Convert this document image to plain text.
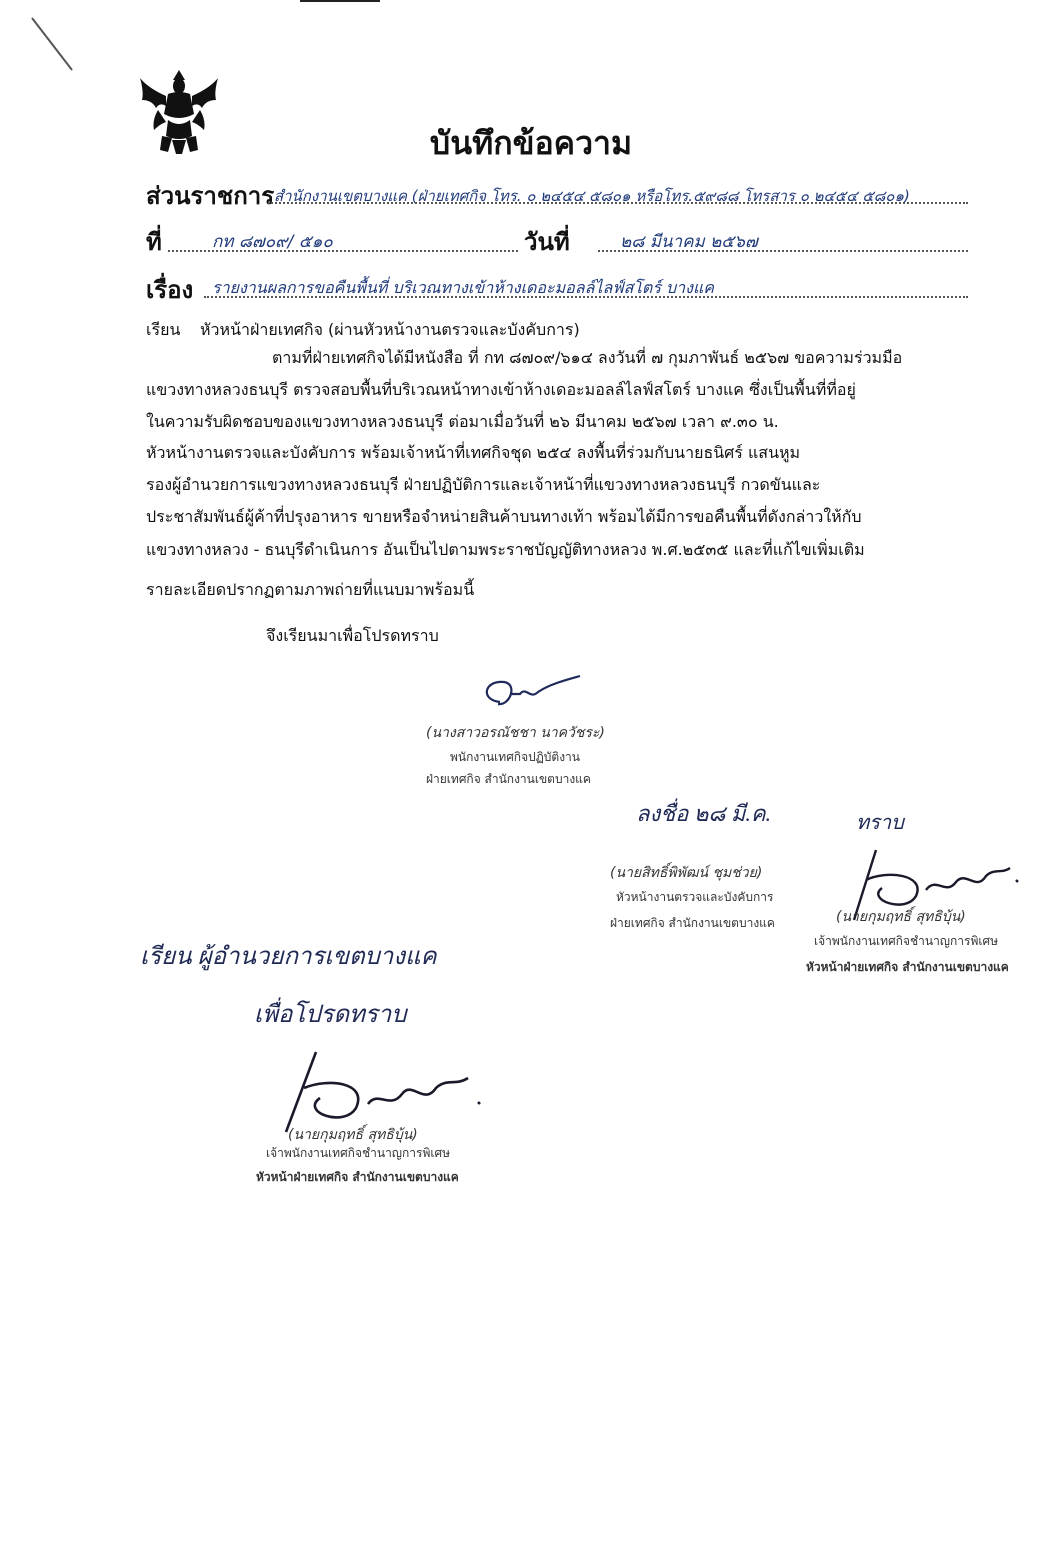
บันทึกข้อความ
ส่วนราชการ สำนักงานเขตบางแค (ฝ่ายเทศกิจ โทร. ๐ ๒๔๕๔ ๕๘๐๑ หรือโทร.๕๙๘๘ โทรสาร ๐ ๒๔๕๔ ๕๘๐๑)
ที่	กท ๘๗๐๙/ ๕๑๐	วันที่	๒๘ มีนาคม ๒๕๖๗
เรื่อง รายงานผลการขอคืนพื้นที่ บริเวณทางเข้าห้างเดอะมอลล์ไลฟ์สโตร์ บางแค
เรียน หัวหน้าฝ่ายเทศกิจ (ผ่านหัวหน้างานตรวจและบังคับการ)
ตามที่ฝ่ายเทศกิจได้มีหนังสือ ที่ กท ๘๗๐๙/๖๑๔ ลงวันที่ ๗ กุมภาพันธ์ ๒๕๖๗ ขอความร่วมมือ
แขวงทางหลวงธนบุรี ตรวจสอบพื้นที่บริเวณหน้าทางเข้าห้างเดอะมอลล์ไลฟ์สโตร์ บางแค ซึ่งเป็นพื้นที่ที่อยู่
ในความรับผิดชอบของแขวงทางหลวงธนบุรี ต่อมาเมื่อวันที่ ๒๖ มีนาคม ๒๕๖๗ เวลา ๙.๓๐ น.
หัวหน้างานตรวจและบังคับการ พร้อมเจ้าหน้าที่เทศกิจชุด ๒๕๔ ลงพื้นที่ร่วมกับนายธนิศร์ แสนหูม
รองผู้อำนวยการแขวงทางหลวงธนบุรี ฝ่ายปฏิบัติการและเจ้าหน้าที่แขวงทางหลวงธนบุรี กวดขันและ
ประชาสัมพันธ์ผู้ค้าที่ปรุงอาหาร ขายหรือจำหน่ายสินค้าบนทางเท้า พร้อมได้มีการขอคืนพื้นที่ดังกล่าวให้กับ
แขวงทางหลวง - ธนบุรีดำเนินการ อันเป็นไปตามพระราชบัญญัติทางหลวง พ.ศ.๒๕๓๕ และที่แก้ไขเพิ่มเติม
รายละเอียดปรากฏตามภาพถ่ายที่แนบมาพร้อมนี้
จึงเรียนมาเพื่อโปรดทราบ
(นางสาวอรณัชชา นาควัชระ)
พนักงานเทศกิจปฏิบัติงาน
ฝ่ายเทศกิจ สำนักงานเขตบางแค
ลงชื่อ ๒๘ มี.ค.
(นายสิทธิ์พิพัฒน์ ชุมช่วย)
หัวหน้างานตรวจและบังคับการ
ฝ่ายเทศกิจ สำนักงานเขตบางแค
ทราบ
(นายกุมฤทธิ์ สุทธิบุ้น)
เจ้าพนักงานเทศกิจชำนาญการพิเศษ
หัวหน้าฝ่ายเทศกิจ สำนักงานเขตบางแค
เรียน ผู้อำนวยการเขตบางแค
เพื่อโปรดทราบ
(นายกุมฤทธิ์ สุทธิบุ้น)
เจ้าพนักงานเทศกิจชำนาญการพิเศษ
หัวหน้าฝ่ายเทศกิจ สำนักงานเขตบางแค
